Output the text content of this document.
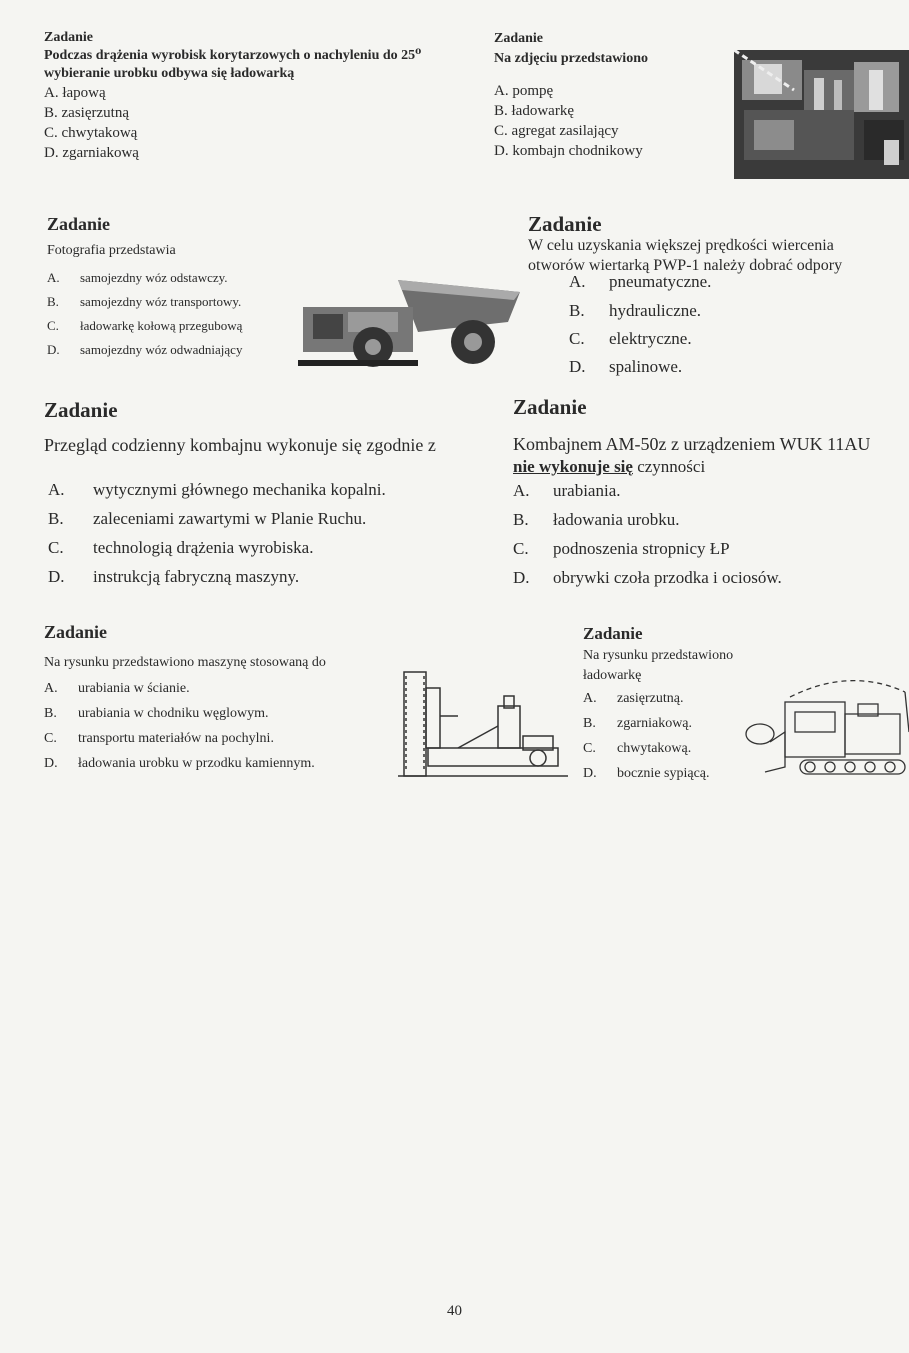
Zadanie
Podczas drążenia wyrobisk korytarzowych o nachyleniu do 25⁰ wybieranie urobku odbywa się ładowarką
A. łapową
B. zasięrzutną
C. chwytakową
D. zgarniakową
Zadanie
Na zdjęciu przedstawiono
A. pompę
B. ładowarkę
C. agregat zasilający
D. kombajn chodnikowy
Zadanie
Fotografia przedstawia
A.	samojezdny wóz odstawczy.
B.	samojezdny wóz transportowy.
C.	ładowarkę kołową przegubową
D.	samojezdny wóz odwadniający
Zadanie
W celu uzyskania większej prędkości wiercenia
otworów wiertarką PWP-1 należy dobrać odpory
A.	pneumatyczne.
B.	hydrauliczne.
C.	elektryczne.
D.	spalinowe.
Zadanie
Przegląd codzienny kombajnu wykonuje się zgodnie z
A.	wytycznymi głównego mechanika kopalni.
B.	zaleceniami zawartymi w Planie Ruchu.
C.	technologią drążenia wyrobiska.
D.	instrukcją fabryczną maszyny.
Zadanie
Kombajnem AM-50z z urządzeniem WUK 11AU
nie wykonuje się czynności
A.	urabiania.
B.	ładowania urobku.
C.	podnoszenia stropnicy ŁP
D.	obrywki czoła przodka i ociosów.
Zadanie
Na rysunku przedstawiono maszynę stosowaną do
A.	urabiania w ścianie.
B.	urabiania w chodniku węglowym.
C.	transportu materiałów na pochylni.
D.	ładowania urobku w przodku kamiennym.
Zadanie
Na rysunku przedstawiono
ładowarkę
A.	zasięrzutną.
B.	zgarniakową.
C.	chwytakową.
D.	bocznie sypiącą.
40
